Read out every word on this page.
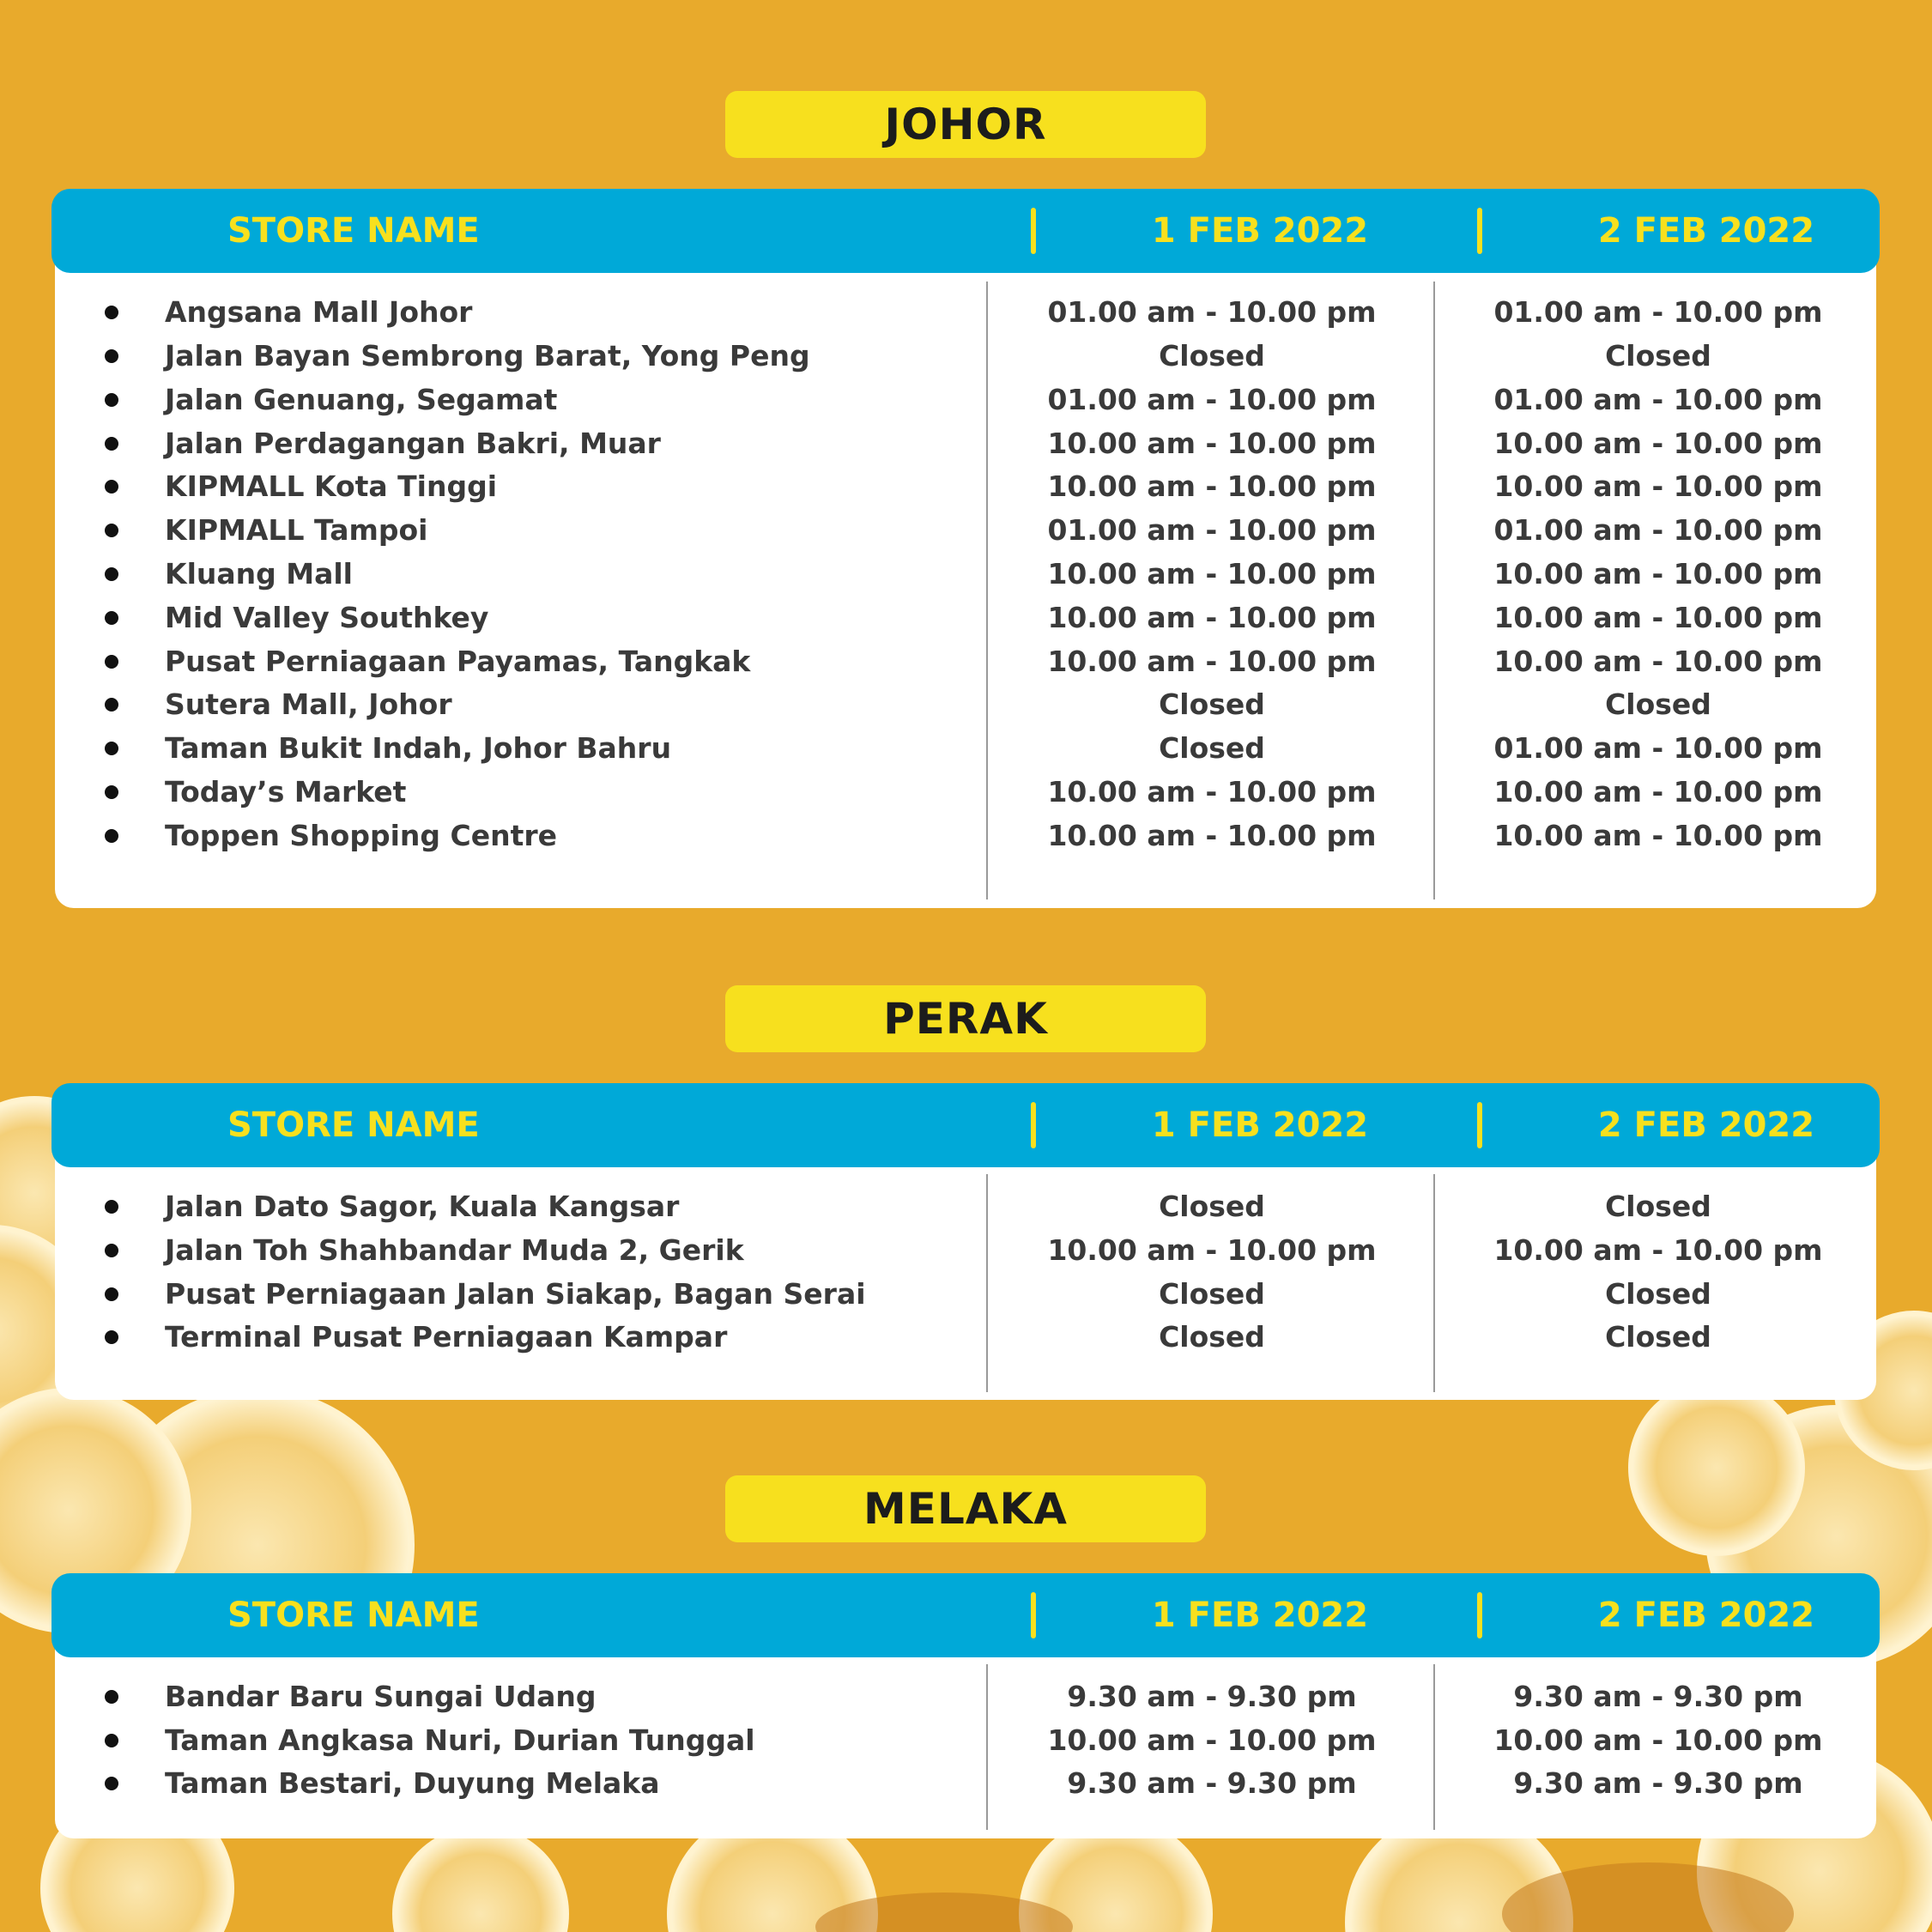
JOHOR
STORE NAME	1 FEB 2022	2 FEB 2022
Angsana Mall Johor	01.00 am - 10.00 pm	01.00 am - 10.00 pm
Jalan Bayan Sembrong Barat, Yong Peng	Closed	Closed
Jalan Genuang, Segamat	01.00 am - 10.00 pm	01.00 am - 10.00 pm
Jalan Perdagangan Bakri, Muar	10.00 am - 10.00 pm	10.00 am - 10.00 pm
KIPMALL Kota Tinggi	10.00 am - 10.00 pm	10.00 am - 10.00 pm
KIPMALL Tampoi	01.00 am - 10.00 pm	01.00 am - 10.00 pm
Kluang Mall	10.00 am - 10.00 pm	10.00 am - 10.00 pm
Mid Valley Southkey	10.00 am - 10.00 pm	10.00 am - 10.00 pm
Pusat Perniagaan Payamas, Tangkak	10.00 am - 10.00 pm	10.00 am - 10.00 pm
Sutera Mall, Johor	Closed	Closed
Taman Bukit Indah, Johor Bahru	Closed	01.00 am - 10.00 pm
Today’s Market	10.00 am - 10.00 pm	10.00 am - 10.00 pm
Toppen Shopping Centre	10.00 am - 10.00 pm	10.00 am - 10.00 pm
PERAK
STORE NAME	1 FEB 2022	2 FEB 2022
Jalan Dato Sagor, Kuala Kangsar	Closed	Closed
Jalan Toh Shahbandar Muda 2, Gerik	10.00 am - 10.00 pm	10.00 am - 10.00 pm
Pusat Perniagaan Jalan Siakap, Bagan Serai	Closed	Closed
Terminal Pusat Perniagaan Kampar	Closed	Closed
MELAKA
STORE NAME	1 FEB 2022	2 FEB 2022
Bandar Baru Sungai Udang	9.30 am - 9.30 pm	9.30 am - 9.30 pm
Taman Angkasa Nuri, Durian Tunggal	10.00 am - 10.00 pm	10.00 am - 10.00 pm
Taman Bestari, Duyung Melaka	9.30 am - 9.30 pm	9.30 am - 9.30 pm
